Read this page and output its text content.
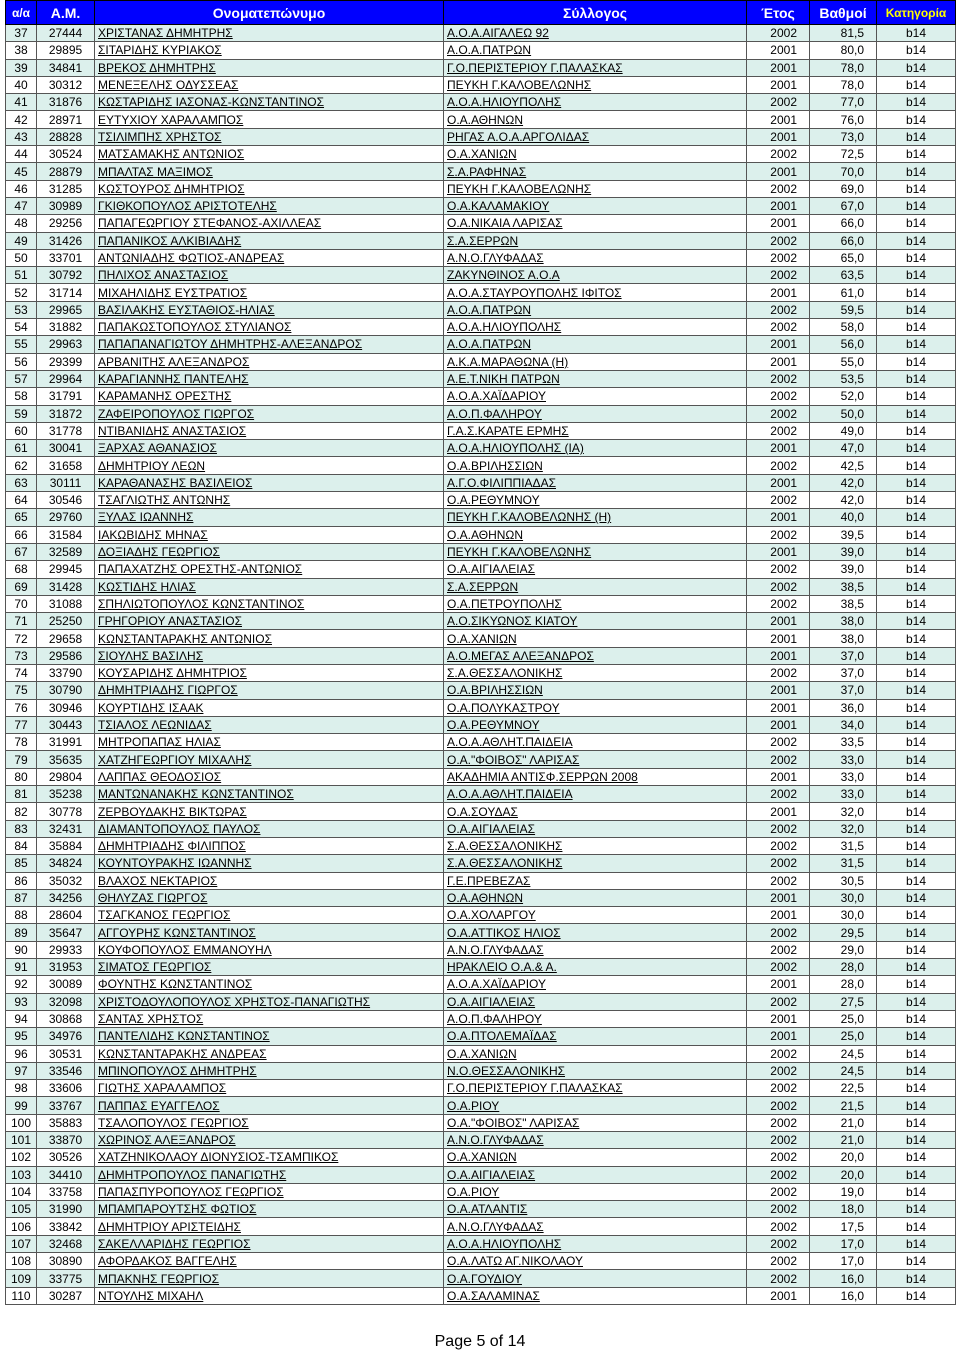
α/α	Α.Μ.	Ονοματεπώνυμο	Σύλλογος	Έτος	Βαθμοί	Κατηγορία
37	27444	ΧΡΙΣΤΑΝΑΣ ΔΗΜΗΤΡΗΣ	Α.Ο.Α.ΑΙΓΑΛΕΩ 92	2002	81,5	b14
38	29895	ΣΙΤΑΡΙΔΗΣ ΚΥΡΙΑΚΟΣ	Α.Ο.Α.ΠΑΤΡΩΝ	2001	80,0	b14
39	34841	ΒΡΕΚΟΣ ΔΗΜΗΤΡΗΣ	Γ.Ο.ΠΕΡΙΣΤΕΡΙΟΥ Γ.ΠΑΛΑΣΚΑΣ	2001	78,0	b14
40	30312	ΜΕΝΕΞΕΛΗΣ ΟΔΥΣΣΕΑΣ	ΠΕΥΚΗ Γ.ΚΑΛΟΒΕΛΩΝΗΣ	2001	78,0	b14
41	31876	ΚΩΣΤΑΡΙΔΗΣ ΙΑΣΟΝΑΣ-ΚΩΝΣΤΑΝΤΙΝΟΣ	Α.Ο.Α.ΗΛΙΟΥΠΟΛΗΣ	2002	77,0	b14
42	28971	ΕΥΤΥΧΙΟΥ ΧΑΡΑΛΑΜΠΟΣ	Ο.Α.ΑΘΗΝΩΝ	2001	76,0	b14
43	28828	ΤΣΙΛΙΜΠΗΣ ΧΡΗΣΤΟΣ	ΡΗΓΑΣ Α.Ο.Α.ΑΡΓΟΛΙΔΑΣ	2001	73,0	b14
44	30524	ΜΑΤΣΑΜΑΚΗΣ ΑΝΤΩΝΙΟΣ	Ο.Α.ΧΑΝΙΩΝ	2002	72,5	b14
45	28879	ΜΠΑΛΤΑΣ ΜΑΞΙΜΟΣ	Σ.Α.ΡΑΦΗΝΑΣ	2001	70,0	b14
46	31285	ΚΩΣΤΟΥΡΟΣ ΔΗΜΗΤΡΙΟΣ	ΠΕΥΚΗ Γ.ΚΑΛΟΒΕΛΩΝΗΣ	2002	69,0	b14
47	30989	ΓΚΙΘΚΟΠΟΥΛΟΣ ΑΡΙΣΤΟΤΕΛΗΣ	Ο.Α.ΚΑΛΑΜΑΚΙΟΥ	2001	67,0	b14
48	29256	ΠΑΠΑΓΕΩΡΓΙΟΥ ΣΤΕΦΑΝΟΣ-ΑΧΙΛΛΕΑΣ	Ο.Α.ΝΙΚΑΙΑ ΛΑΡΙΣΑΣ	2001	66,0	b14
49	31426	ΠΑΠΑΝΙΚΟΣ ΑΛΚΙΒΙΑΔΗΣ	Σ.Α.ΣΕΡΡΩΝ	2002	66,0	b14
50	33701	ΑΝΤΩΝΙΑΔΗΣ ΦΩΤΙΟΣ-ΑΝΔΡΕΑΣ	Α.Ν.Ο.ΓΛΥΦΑΔΑΣ	2002	65,0	b14
51	30792	ΠΗΛΙΧΟΣ ΑΝΑΣΤΑΣΙΟΣ	ΖΑΚΥΝΘΙΝΟΣ Α.Ο.Α	2002	63,5	b14
52	31714	ΜΙΧΑΗΛΙΔΗΣ ΕΥΣΤΡΑΤΙΟΣ	Α.Ο.Α.ΣΤΑΥΡΟΥΠΟΛΗΣ ΙΦΙΤΟΣ	2001	61,0	b14
53	29965	ΒΑΣΙΛΑΚΗΣ ΕΥΣΤΑΘΙΟΣ-ΗΛΙΑΣ	Α.Ο.Α.ΠΑΤΡΩΝ	2002	59,5	b14
54	31882	ΠΑΠΑΚΩΣΤΟΠΟΥΛΟΣ ΣΤΥΛΙΑΝΟΣ	Α.Ο.Α.ΗΛΙΟΥΠΟΛΗΣ	2002	58,0	b14
55	29963	ΠΑΠΑΠΑΝΑΓΙΩΤΟΥ ΔΗΜΗΤΡΗΣ-ΑΛΕΞΑΝΔΡΟΣ	Α.Ο.Α.ΠΑΤΡΩΝ	2001	56,0	b14
56	29399	ΑΡΒΑΝΙΤΗΣ ΑΛΕΞΑΝΔΡΟΣ	Α.Κ.Α.ΜΑΡΑΘΩΝΑ (Η)	2001	55,0	b14
57	29964	ΚΑΡΑΓΙΑΝΝΗΣ ΠΑΝΤΕΛΗΣ	Α.Ε.Τ.ΝΙΚΗ ΠΑΤΡΩΝ	2002	53,5	b14
58	31791	ΚΑΡΑΜΑΝΗΣ ΟΡΕΣΤΗΣ	Α.Ο.Α.ΧΑΪΔΑΡΙΟΥ	2002	52,0	b14
59	31872	ΖΑΦΕΙΡΟΠΟΥΛΟΣ ΓΙΩΡΓΟΣ	Α.Ο.Π.ΦΑΛΗΡΟΥ	2002	50,0	b14
60	31778	ΝΤΙΒΑΝΙΔΗΣ ΑΝΑΣΤΑΣΙΟΣ	Γ.Α.Σ.ΚΑΡΑΤΕ ΕΡΜΗΣ	2002	49,0	b14
61	30041	ΞΑΡΧΑΣ ΑΘΑΝΑΣΙΟΣ	Α.Ο.Α.ΗΛΙΟΥΠΟΛΗΣ (ΙΑ)	2001	47,0	b14
62	31658	ΔΗΜΗΤΡΙΟΥ ΛΕΩΝ	Ο.Α.ΒΡΙΛΗΣΣΙΩΝ	2002	42,5	b14
63	30111	ΚΑΡΑΘΑΝΑΣΗΣ ΒΑΣΙΛΕΙΟΣ	Α.Γ.Ο.ΦΙΛΙΠΠΙΑΔΑΣ	2001	42,0	b14
64	30546	ΤΣΑΓΛΙΩΤΗΣ ΑΝΤΩΝΗΣ	Ο.Α.ΡΕΘΥΜΝΟΥ	2002	42,0	b14
65	29760	ΞΥΛΑΣ ΙΩΑΝΝΗΣ	ΠΕΥΚΗ Γ.ΚΑΛΟΒΕΛΩΝΗΣ (Η)	2001	40,0	b14
66	31584	ΙΑΚΩΒΙΔΗΣ ΜΗΝΑΣ	Ο.Α.ΑΘΗΝΩΝ	2002	39,5	b14
67	32589	ΔΟΞΙΑΔΗΣ ΓΕΩΡΓΙΟΣ	ΠΕΥΚΗ Γ.ΚΑΛΟΒΕΛΩΝΗΣ	2001	39,0	b14
68	29945	ΠΑΠΑΧΑΤΖΗΣ ΟΡΕΣΤΗΣ-ΑΝΤΩΝΙΟΣ	Ο.Α.ΑΙΓΙΑΛΕΙΑΣ	2002	39,0	b14
69	31428	ΚΩΣΤΙΔΗΣ ΗΛΙΑΣ	Σ.Α.ΣΕΡΡΩΝ	2002	38,5	b14
70	31088	ΣΠΗΛΙΩΤΟΠΟΥΛΟΣ ΚΩΝΣΤΑΝΤΙΝΟΣ	Ο.Α.ΠΕΤΡΟΥΠΟΛΗΣ	2002	38,5	b14
71	25250	ΓΡΗΓΟΡΙΟΥ ΑΝΑΣΤΑΣΙΟΣ	Α.Ο.ΣΙΚΥΩΝΟΣ ΚΙΑΤΟΥ	2001	38,0	b14
72	29658	ΚΩΝΣΤΑΝΤΑΡΑΚΗΣ ΑΝΤΩΝΙΟΣ	Ο.Α.ΧΑΝΙΩΝ	2001	38,0	b14
73	29586	ΣΙΟΥΛΗΣ ΒΑΣΙΛΗΣ	Α.Ο.ΜΕΓΑΣ ΑΛΕΞΑΝΔΡΟΣ	2001	37,0	b14
74	33790	ΚΟΥΣΑΡΙΔΗΣ ΔΗΜΗΤΡΙΟΣ	Σ.Α.ΘΕΣΣΑΛΟΝΙΚΗΣ	2002	37,0	b14
75	30790	ΔΗΜΗΤΡΙΑΔΗΣ ΓΙΩΡΓΟΣ	Ο.Α.ΒΡΙΛΗΣΣΙΩΝ	2001	37,0	b14
76	30946	ΚΟΥΡΤΙΔΗΣ ΙΣΑΑΚ	Ο.Α.ΠΟΛΥΚΑΣΤΡΟΥ	2001	36,0	b14
77	30443	ΤΣΙΑΛΟΣ ΛΕΩΝΙΔΑΣ	Ο.Α.ΡΕΘΥΜΝΟΥ	2001	34,0	b14
78	31991	ΜΗΤΡΟΠΑΠΑΣ ΗΛΙΑΣ	Α.Ο.Α.ΑΘΛΗΤ.ΠΑΙΔΕΙΑ	2002	33,5	b14
79	35635	ΧΑΤΖΗΓΕΩΡΓΙΟΥ ΜΙΧΑΛΗΣ	Ο.Α."ΦΟΙΒΟΣ" ΛΑΡΙΣΑΣ	2002	33,0	b14
80	29804	ΛΑΠΠΑΣ ΘΕΟΔΟΣΙΟΣ	ΑΚΑΔΗΜΙΑ ΑΝΤΙΣΦ.ΣΕΡΡΩΝ 2008	2001	33,0	b14
81	35238	ΜΑΝΤΩΝΑΝΑΚΗΣ ΚΩΝΣΤΑΝΤΙΝΟΣ	Α.Ο.Α.ΑΘΛΗΤ.ΠΑΙΔΕΙΑ	2002	33,0	b14
82	30778	ΖΕΡΒΟΥΔΑΚΗΣ ΒΙΚΤΩΡΑΣ	Ο.Α.ΣΟΥΔΑΣ	2001	32,0	b14
83	32431	ΔΙΑΜΑΝΤΟΠΟΥΛΟΣ ΠΑΥΛΟΣ	Ο.Α.ΑΙΓΙΑΛΕΙΑΣ	2002	32,0	b14
84	35884	ΔΗΜΗΤΡΙΑΔΗΣ ΦΙΛΙΠΠΟΣ	Σ.Α.ΘΕΣΣΑΛΟΝΙΚΗΣ	2002	31,5	b14
85	34824	ΚΟΥΝΤΟΥΡΑΚΗΣ ΙΩΑΝΝΗΣ	Σ.Α.ΘΕΣΣΑΛΟΝΙΚΗΣ	2002	31,5	b14
86	35032	ΒΛΑΧΟΣ ΝΕΚΤΑΡΙΟΣ	Γ.Ε.ΠΡΕΒΕΖΑΣ	2002	30,5	b14
87	34256	ΘΗΛΥΖΑΣ ΓΙΩΡΓΟΣ	Ο.Α.ΑΘΗΝΩΝ	2001	30,0	b14
88	28604	ΤΣΑΓΚΑΝΟΣ ΓΕΩΡΓΙΟΣ	Ο.Α.ΧΟΛΑΡΓΟΥ	2001	30,0	b14
89	35647	ΑΓΓΟΥΡΗΣ ΚΩΝΣΤΑΝΤΙΝΟΣ	Ο.Α.ΑΤΤΙΚΟΣ ΗΛΙΟΣ	2002	29,5	b14
90	29933	ΚΟΥΦΟΠΟΥΛΟΣ ΕΜΜΑΝΟΥΗΛ	Α.Ν.Ο.ΓΛΥΦΑΔΑΣ	2002	29,0	b14
91	31953	ΣΙΜΑΤΟΣ ΓΕΩΡΓΙΟΣ	ΗΡΑΚΛΕΙΟ Ο.Α.& Α.	2002	28,0	b14
92	30089	ΦΟΥΝΤΗΣ ΚΩΝΣΤΑΝΤΙΝΟΣ	Α.Ο.Α.ΧΑΪΔΑΡΙΟΥ	2001	28,0	b14
93	32098	ΧΡΙΣΤΟΔΟΥΛΟΠΟΥΛΟΣ ΧΡΗΣΤΟΣ-ΠΑΝΑΓΙΩΤΗΣ	Ο.Α.ΑΙΓΙΑΛΕΙΑΣ	2002	27,5	b14
94	30868	ΣΑΝΤΑΣ ΧΡΗΣΤΟΣ	Α.Ο.Π.ΦΑΛΗΡΟΥ	2001	25,0	b14
95	34976	ΠΑΝΤΕΛΙΔΗΣ ΚΩΝΣΤΑΝΤΙΝΟΣ	Ο.Α.ΠΤΟΛΕΜΑΪΔΑΣ	2001	25,0	b14
96	30531	ΚΩΝΣΤΑΝΤΑΡΑΚΗΣ ΑΝΔΡΕΑΣ	Ο.Α.ΧΑΝΙΩΝ	2002	24,5	b14
97	33546	ΜΠΙΝΟΠΟΥΛΟΣ ΔΗΜΗΤΡΗΣ	Ν.Ο.ΘΕΣΣΑΛΟΝΙΚΗΣ	2002	24,5	b14
98	33606	ΓΙΩΤΗΣ ΧΑΡΑΛΑΜΠΟΣ	Γ.Ο.ΠΕΡΙΣΤΕΡΙΟΥ Γ.ΠΑΛΑΣΚΑΣ	2002	22,5	b14
99	33767	ΠΑΠΠΑΣ ΕΥΑΓΓΕΛΟΣ	Ο.Α.ΡΙΟΥ	2002	21,5	b14
100	35883	ΤΣΑΛΟΠΟΥΛΟΣ ΓΕΩΡΓΙΟΣ	Ο.Α."ΦΟΙΒΟΣ" ΛΑΡΙΣΑΣ	2002	21,0	b14
101	33870	ΧΩΡΙΝΟΣ ΑΛΕΞΑΝΔΡΟΣ	Α.Ν.Ο.ΓΛΥΦΑΔΑΣ	2002	21,0	b14
102	30526	ΧΑΤΖΗΝΙΚΟΛΑΟΥ ΔΙΟΝΥΣΙΟΣ-ΤΣΑΜΠΙΚΟΣ	Ο.Α.ΧΑΝΙΩΝ	2002	20,0	b14
103	34410	ΔΗΜΗΤΡΟΠΟΥΛΟΣ ΠΑΝΑΓΙΩΤΗΣ	Ο.Α.ΑΙΓΙΑΛΕΙΑΣ	2002	20,0	b14
104	33758	ΠΑΠΑΣΠΥΡΟΠΟΥΛΟΣ ΓΕΩΡΓΙΟΣ	Ο.Α.ΡΙΟΥ	2002	19,0	b14
105	31990	ΜΠΑΜΠΑΡΟΥΤΣΗΣ ΦΩΤΙΟΣ	Ο.Α.ΑΤΛΑΝΤΙΣ	2002	18,0	b14
106	33842	ΔΗΜΗΤΡΙΟΥ ΑΡΙΣΤΕΙΔΗΣ	Α.Ν.Ο.ΓΛΥΦΑΔΑΣ	2002	17,5	b14
107	32468	ΣΑΚΕΛΛΑΡΙΔΗΣ ΓΕΩΡΓΙΟΣ	Α.Ο.Α.ΗΛΙΟΥΠΟΛΗΣ	2002	17,0	b14
108	30890	ΑΦΟΡΔΑΚΟΣ ΒΑΓΓΕΛΗΣ	Ο.Α.ΛΑΤΩ ΑΓ.ΝΙΚΟΛΑΟΥ	2002	17,0	b14
109	33775	ΜΠΑΚΝΗΣ ΓΕΩΡΓΙΟΣ	Ο.Α.ΓΟΥΔΙΟΥ	2002	16,0	b14
110	30287	ΝΤΟΥΛΗΣ ΜΙΧΑΗΛ	Ο.Α.ΣΑΛΑΜΙΝΑΣ	2001	16,0	b14
Page 5 of 14
